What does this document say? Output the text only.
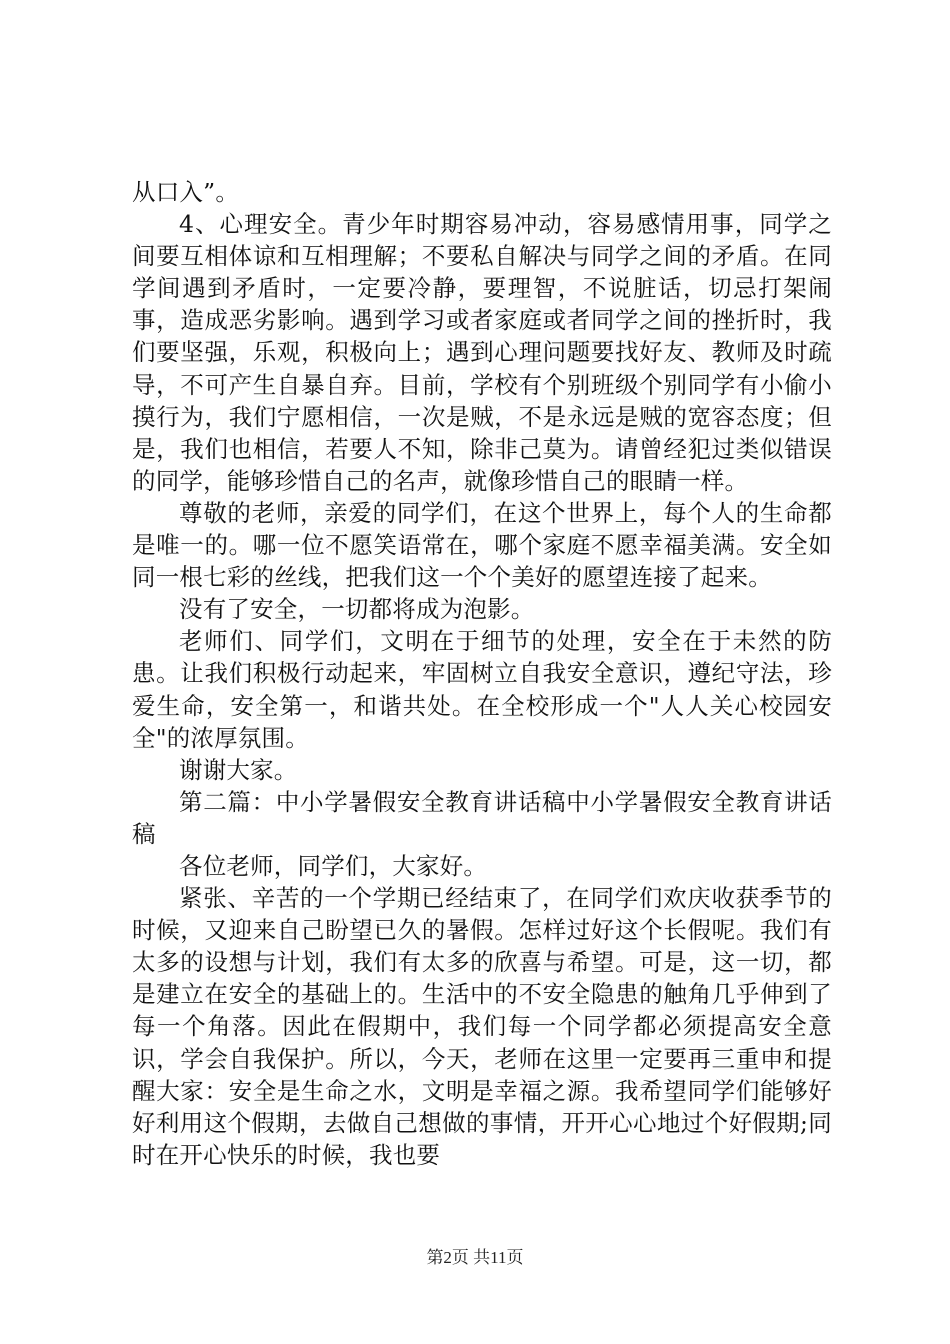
从口入”。

4、心理安全。青少年时期容易冲动，容易感情用事，同学之间要互相体谅和互相理解；不要私自解决与同学之间的矛盾。在同学间遇到矛盾时，一定要冷静，要理智，不说脏话，切忌打架闹事，造成恶劣影响。遇到学习或者家庭或者同学之间的挫折时，我们要坚强，乐观，积极向上；遇到心理问题要找好友、教师及时疏导，不可产生自暴自弃。目前，学校有个别班级个别同学有小偷小摸行为，我们宁愿相信，一次是贼，不是永远是贼的宽容态度；但是，我们也相信，若要人不知，除非己莫为。请曾经犯过类似错误的同学，能够珍惜自己的名声，就像珍惜自己的眼睛一样。

尊敬的老师，亲爱的同学们，在这个世界上，每个人的生命都是唯一的。哪一位不愿笑语常在，哪个家庭不愿幸福美满。安全如同一根七彩的丝线，把我们这一个个美好的愿望连接了起来。

没有了安全，一切都将成为泡影。

老师们、同学们，文明在于细节的处理，安全在于未然的防患。让我们积极行动起来，牢固树立自我安全意识，遵纪守法，珍爱生命，安全第一，和谐共处。在全校形成一个"人人关心校园安全"的浓厚氛围。

谢谢大家。

第二篇：中小学暑假安全教育讲话稿中小学暑假安全教育讲话稿

各位老师，同学们，大家好。

紧张、辛苦的一个学期已经结束了，在同学们欢庆收获季节的时候，又迎来自己盼望已久的暑假。怎样过好这个长假呢。我们有太多的设想与计划，我们有太多的欣喜与希望。可是，这一切，都是建立在安全的基础上的。生活中的不安全隐患的触角几乎伸到了每一个角落。因此在假期中，我们每一个同学都必须提高安全意识，学会自我保护。所以，今天，老师在这里一定要再三重申和提醒大家：安全是生命之水，文明是幸福之源。我希望同学们能够好好利用这个假期，去做自己想做的事情，开开心心地过个好假期;同时在开心快乐的时候，我也要

第2页 共11页
